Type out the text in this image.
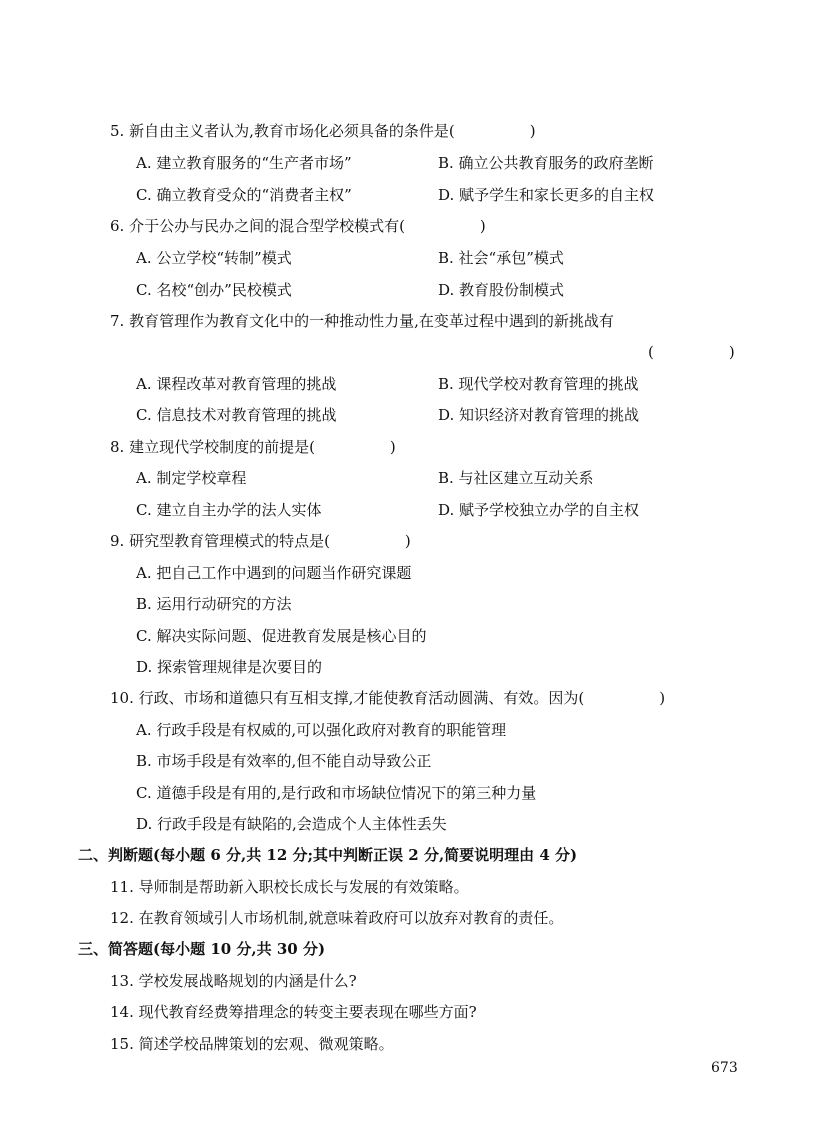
5. 新自由主义者认为,教育市场化必须具备的条件是(　　　　　)
A. 建立教育服务的“生产者市场”	B. 确立公共教育服务的政府垄断
C. 确立教育受众的“消费者主权”	D. 赋予学生和家长更多的自主权
6. 介于公办与民办之间的混合型学校模式有(　　　　　)
A. 公立学校“转制”模式	B. 社会“承包”模式
C. 名校“创办”民校模式	D. 教育股份制模式
7. 教育管理作为教育文化中的一种推动性力量,在变革过程中遇到的新挑战有
(　　　　　)
A. 课程改革对教育管理的挑战	B. 现代学校对教育管理的挑战
C. 信息技术对教育管理的挑战	D. 知识经济对教育管理的挑战
8. 建立现代学校制度的前提是(　　　　　)
A. 制定学校章程	B. 与社区建立互动关系
C. 建立自主办学的法人实体	D. 赋予学校独立办学的自主权
9. 研究型教育管理模式的特点是(　　　　　)
A. 把自己工作中遇到的问题当作研究课题
B. 运用行动研究的方法
C. 解决实际问题、促进教育发展是核心目的
D. 探索管理规律是次要目的
10. 行政、市场和道德只有互相支撑,才能使教育活动圆满、有效。因为(　　　　　)
A. 行政手段是有权威的,可以强化政府对教育的职能管理
B. 市场手段是有效率的,但不能自动导致公正
C. 道德手段是有用的,是行政和市场缺位情况下的第三种力量
D. 行政手段是有缺陷的,会造成个人主体性丢失
二、判断题(每小题 6 分,共 12 分;其中判断正误 2 分,简要说明理由 4 分)
11. 导师制是帮助新入职校长成长与发展的有效策略。
12. 在教育领域引人市场机制,就意味着政府可以放弃对教育的责任。
三、简答题(每小题 10 分,共 30 分)
13. 学校发展战略规划的内涵是什么?
14. 现代教育经费筹措理念的转变主要表现在哪些方面?
15. 简述学校品牌策划的宏观、微观策略。
673
